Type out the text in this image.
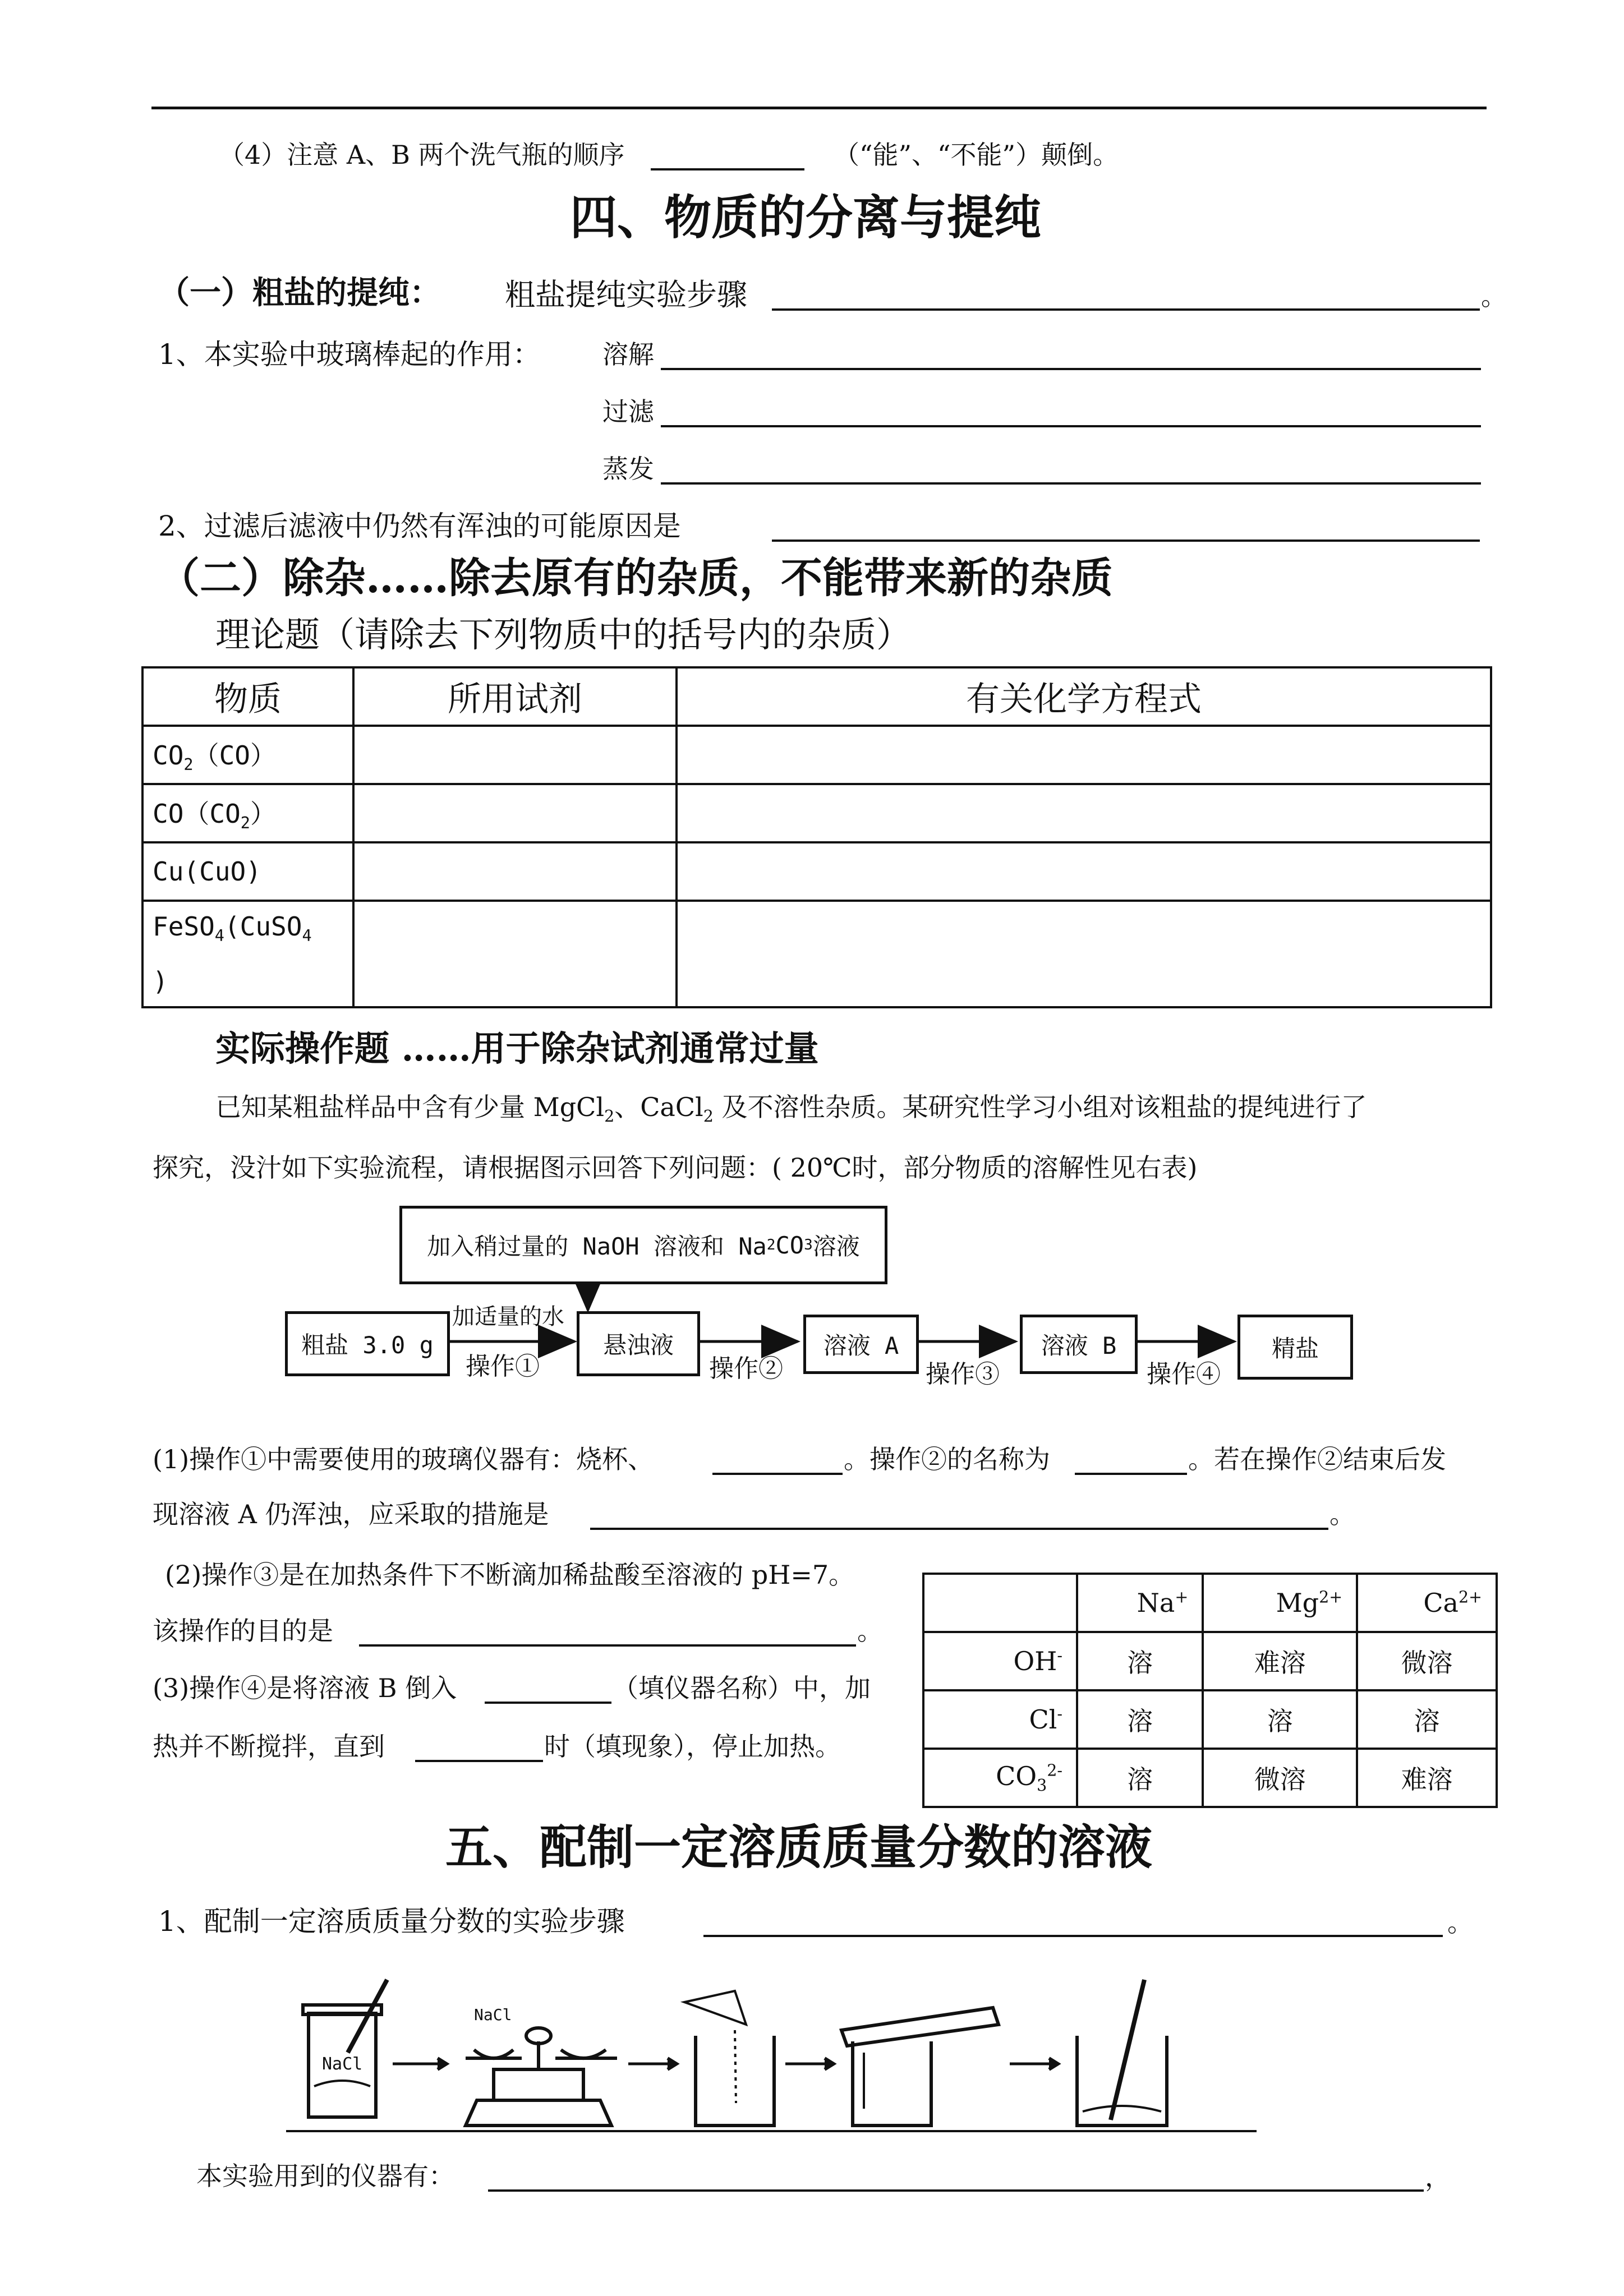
（4）注意 A、B 两个洗气瓶的顺序	（“能”、“不能”）颠倒。
四、物质的分离与提纯
（一）粗盐的提纯： 粗盐提纯实验步骤	。
1、本实验中玻璃棒起的作用： 溶解
过滤
蒸发
2、过滤后滤液中仍然有浑浊的可能原因是
（二）除杂……除去原有的杂质，不能带来新的杂质
理论题（请除去下列物质中的括号内的杂质）
物质	所用试剂	有关化学方程式
$CO_2(CO)$		
$CO(CO_2)$		
Cu(CuO)		
FeSO$_4$(CuSO$_4$
)		
实际操作题 ……用于除杂试剂通常过量
已知某粗盐样品中含有少量 MgCl$_2$、CaCl$_2$ 及不溶性杂质。某研究性学习小组对该粗盐的提纯进行了
探究，没汁如下实验流程，请根据图示回答下列问题：( 20℃时，部分物质的溶解性见右表)
加入稍过量的 NaOH 溶液和 Na 2 CO 3 溶液
粗盐 3.0 g
加适量的水
操作①
悬浊液
操作②
溶液 A
操作③
溶液 B
操作④
精盐
(1)操作①中需要使用的玻璃仪器有：烧杯、	。操作②的名称为	。若在操作②结束后发
现溶液 A 仍浑浊，应采取的措施是	。
(2)操作③是在加热条件下不断滴加稀盐酸至溶液的 pH=7。
该操作的目的是	。
(3)操作④是将溶液 B 倒入	（填仪器名称）中，加
热并不断搅拌，直到	时（填现象），停止加热。
	Na+	$Mg^{2+}$	$Ca^{2+}$
OH-	溶	难溶	微溶
Cl-	溶	溶	溶
$CO_3^{2-}$	溶	微溶	难溶
五、配制一定溶质质量分数的溶液
1、配制一定溶质质量分数的实验步骤	。
NaCl
NaCl
本实验用到的仪器有：	，
